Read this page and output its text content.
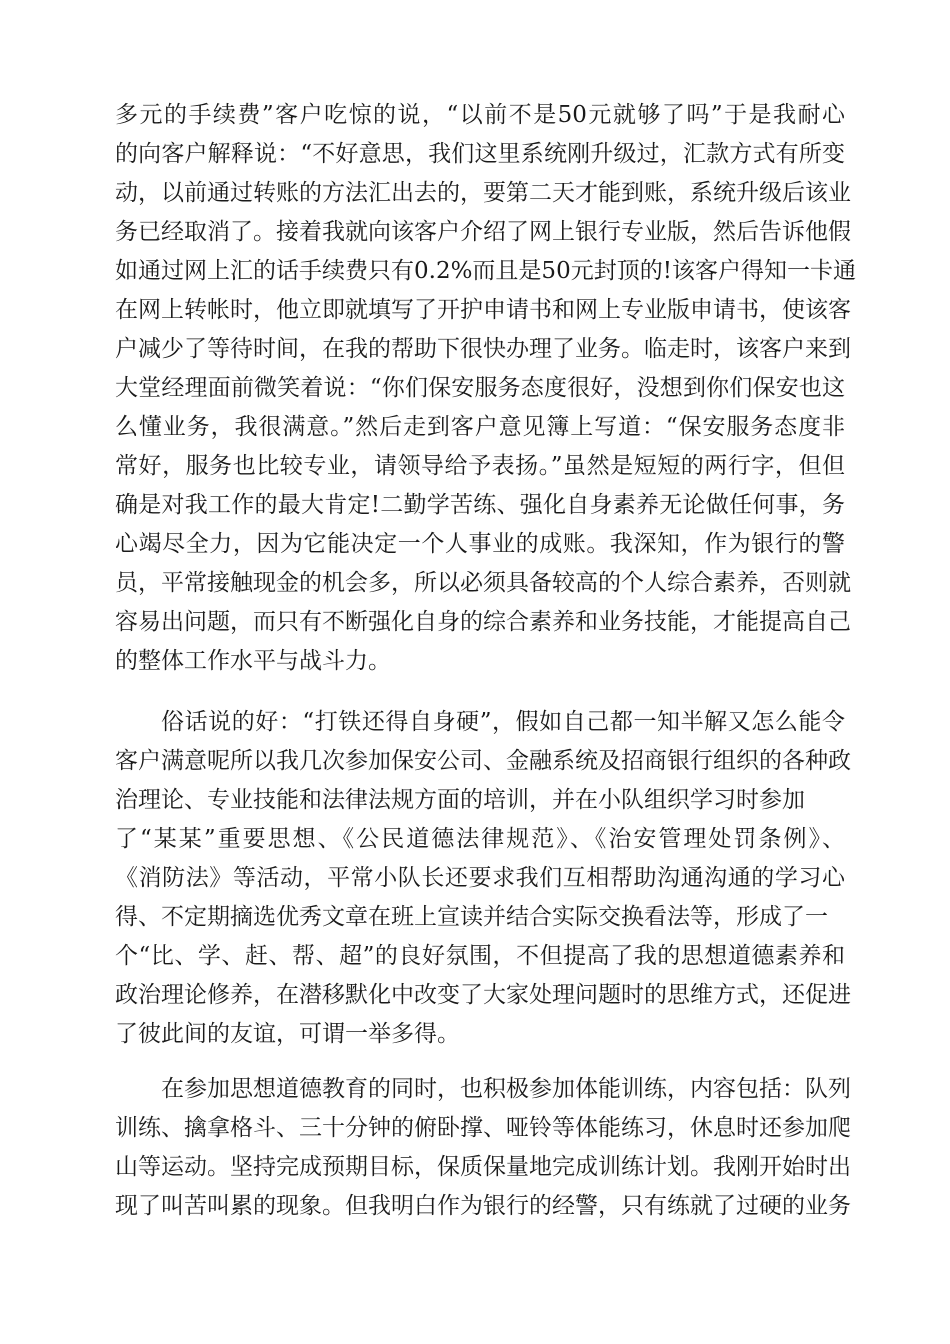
多元的手续费”客户吃惊的说，“以前不是50元就够了吗”于是我耐心
的向客户解释说：“不好意思，我们这里系统刚升级过，汇款方式有所变
动，以前通过转账的方法汇出去的，要第二天才能到账，系统升级后该业
务已经取消了。接着我就向该客户介绍了网上银行专业版，然后告诉他假
如通过网上汇的话手续费只有0.2%而且是50元封顶的!该客户得知一卡通
在网上转帐时，他立即就填写了开护申请书和网上专业版申请书，使该客
户减少了等待时间，在我的帮助下很快办理了业务。临走时，该客户来到
大堂经理面前微笑着说：“你们保安服务态度很好，没想到你们保安也这
么懂业务，我很满意。”然后走到客户意见簿上写道：“保安服务态度非
常好，服务也比较专业，请领导给予表扬。”虽然是短短的两行字，但但
确是对我工作的最大肯定!二勤学苦练、强化自身素养无论做任何事，务
心竭尽全力，因为它能决定一个人事业的成账。我深知，作为银行的警
员，平常接触现金的机会多，所以必须具备较高的个人综合素养，否则就
容易出问题，而只有不断强化自身的综合素养和业务技能，才能提高自己
的整体工作水平与战斗力。
俗话说的好：“打铁还得自身硬”，假如自己都一知半解又怎么能令
客户满意呢所以我几次参加保安公司、金融系统及招商银行组织的各种政
治理论、专业技能和法律法规方面的培训，并在小队组织学习时参加
了“某某”重要思想、《公民道德法律规范》、《治安管理处罚条例》、
《消防法》等活动，平常小队长还要求我们互相帮助沟通沟通的学习心
得、不定期摘选优秀文章在班上宣读并结合实际交换看法等，形成了一
个“比、学、赶、帮、超”的良好氛围，不但提高了我的思想道德素养和
政治理论修养，在潜移默化中改变了大家处理问题时的思维方式，还促进
了彼此间的友谊，可谓一举多得。
在参加思想道德教育的同时，也积极参加体能训练，内容包括：队列
训练、擒拿格斗、三十分钟的俯卧撑、哑铃等体能练习，休息时还参加爬
山等运动。坚持完成预期目标，保质保量地完成训练计划。我刚开始时出
现了叫苦叫累的现象。但我明白作为银行的经警，只有练就了过硬的业务
